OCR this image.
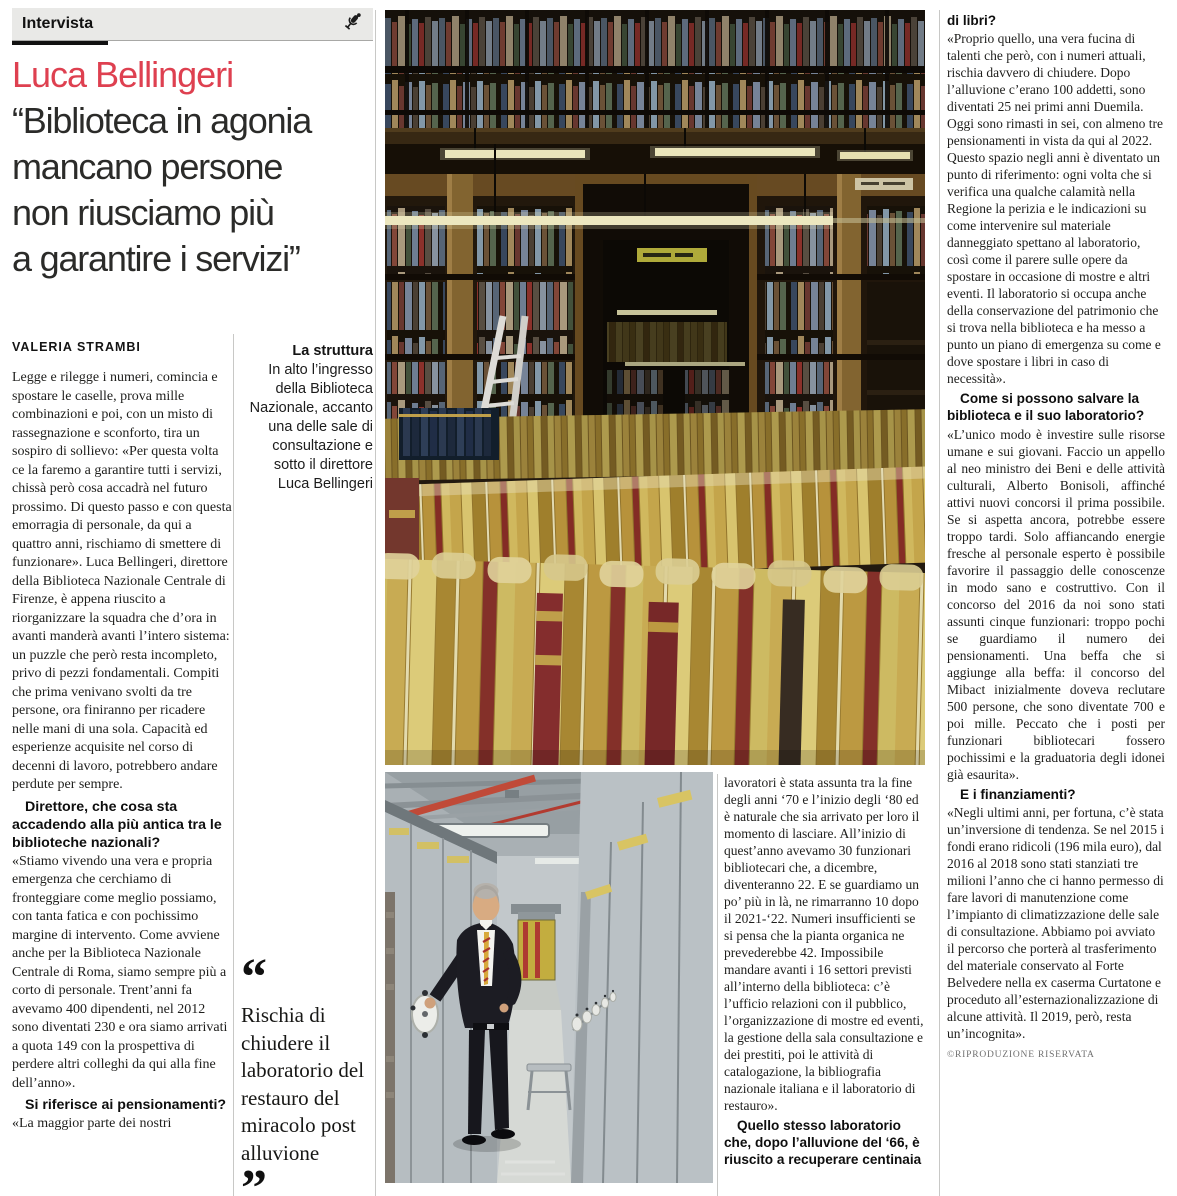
Intervista
Luca Bellingeri
“Biblioteca in agonia
mancano persone
non riusciamo più
a garantire i servizi”
VALERIA STRAMBI

Legge e rilegge i numeri, comincia e spostare le caselle, prova mille combinazioni e poi, con un misto di rassegnazione e sconforto, tira un sospiro di sollievo: «Per questa volta ce la faremo a garantire tutti i servizi, chissà però cosa accadrà nel futuro prossimo. Di questo passo e con questa emorragia di personale, da qui a quattro anni, rischiamo di smettere di funzionare». Luca Bellingeri, direttore della Biblioteca Nazionale Centrale di Firenze, è appena riuscito a riorganizzare la squadra che d’ora in avanti manderà avanti l’intero sistema: un puzzle che però resta incompleto, privo di pezzi fondamentali. Compiti che prima venivano svolti da tre persone, ora finiranno per ricadere nelle mani di una sola. Capacità ed esperienze acquisite nel corso di decenni di lavoro, potrebbero andare perdute per sempre.

Direttore, che cosa sta accadendo alla più antica tra le biblioteche nazionali?

«Stiamo vivendo una vera e propria emergenza che cerchiamo di fronteggiare come meglio possiamo, con tanta fatica e con pochissimo margine di intervento. Come avviene anche per la Biblioteca Nazionale Centrale di Roma, siamo sempre più a corto di personale. Trent’anni fa avevamo 400 dipendenti, nel 2012 sono diventati 230 e ora siamo arrivati a quota 149 con la prospettiva di perdere altri colleghi da qui alla fine dell’anno».

Si riferisce ai pensionamenti?

«La maggior parte dei nostri

La struttura
In alto l’ingresso della Biblioteca Nazionale, accanto una delle sale di consultazione e sotto il direttore Luca Bellingeri
“
Rischia di chiudere il laboratorio del restauro del miracolo post alluvione
”

lavoratori è stata assunta tra la fine degli anni ‘70 e l’inizio degli ‘80 ed è naturale che sia arrivato per loro il momento di lasciare. All’inizio di quest’anno avevamo 30 funzionari bibliotecari che, a dicembre, diventeranno 22. E se guardiamo un po’ più in là, ne rimarranno 10 dopo il 2021-‘22. Numeri insufficienti se si pensa che la pianta organica ne prevederebbe 42. Impossibile mandare avanti i 16 settori previsti all’interno della biblioteca: c’è l’ufficio relazioni con il pubblico, l’organizzazione di mostre ed eventi, la gestione della sala consultazione e dei prestiti, poi le attività di catalogazione, la bibliografia nazionale italiana e il laboratorio di restauro».

Quello stesso laboratorio che, dopo l’alluvione del ‘66, è riuscito a recuperare centinaia

di libri?

«Proprio quello, una vera fucina di talenti che però, con i numeri attuali, rischia davvero di chiudere. Dopo l’alluvione c’erano 100 addetti, sono diventati 25 nei primi anni Duemila. Oggi sono rimasti in sei, con almeno tre pensionamenti in vista da qui al 2022. Questo spazio negli anni è diventato un punto di riferimento: ogni volta che si verifica una qualche calamità nella Regione la perizia e le indicazioni su come intervenire sul materiale danneggiato spettano al laboratorio, così come il parere sulle opere da spostare in occasione di mostre e altri eventi. Il laboratorio si occupa anche della conservazione del patrimonio che si trova nella biblioteca e ha messo a punto un piano di emergenza su come e dove spostare i libri in caso di necessità».

Come si possono salvare la biblioteca e il suo laboratorio?

«L’unico modo è investire sulle risorse umane e sui giovani. Faccio un appello al neo ministro dei Beni e delle attività culturali, Alberto Bonisoli, affinché attivi nuovi concorsi il prima possibile. Se si aspetta ancora, potrebbe essere troppo tardi. Solo affiancando energie fresche al personale esperto è possibile favorire il passaggio delle conoscenze in modo sano e costruttivo. Con il concorso del 2016 da noi sono stati assunti cinque funzionari: troppo pochi se guardiamo il numero dei pensionamenti. Una beffa che si aggiunge alla beffa: il concorso del Mibact inizialmente doveva reclutare 500 persone, che sono diventate 700 e poi mille. Peccato che i posti per funzionari bibliotecari fossero pochissimi e la graduatoria degli idonei già esaurita».

E i finanziamenti?

«Negli ultimi anni, per fortuna, c’è stata un’inversione di tendenza. Se nel 2015 i fondi erano ridicoli (196 mila euro), dal 2016 al 2018 sono stati stanziati tre milioni l’anno che ci hanno permesso di fare lavori di manutenzione come l’impianto di climatizzazione delle sale di consultazione. Abbiamo poi avviato il percorso che porterà al trasferimento del materiale conservato al Forte Belvedere nella ex caserma Curtatone e proceduto all’esternazionalizzazione di alcune attività. Il 2019, però, resta un’incognita».

©RIPRODUZIONE RISERVATA
